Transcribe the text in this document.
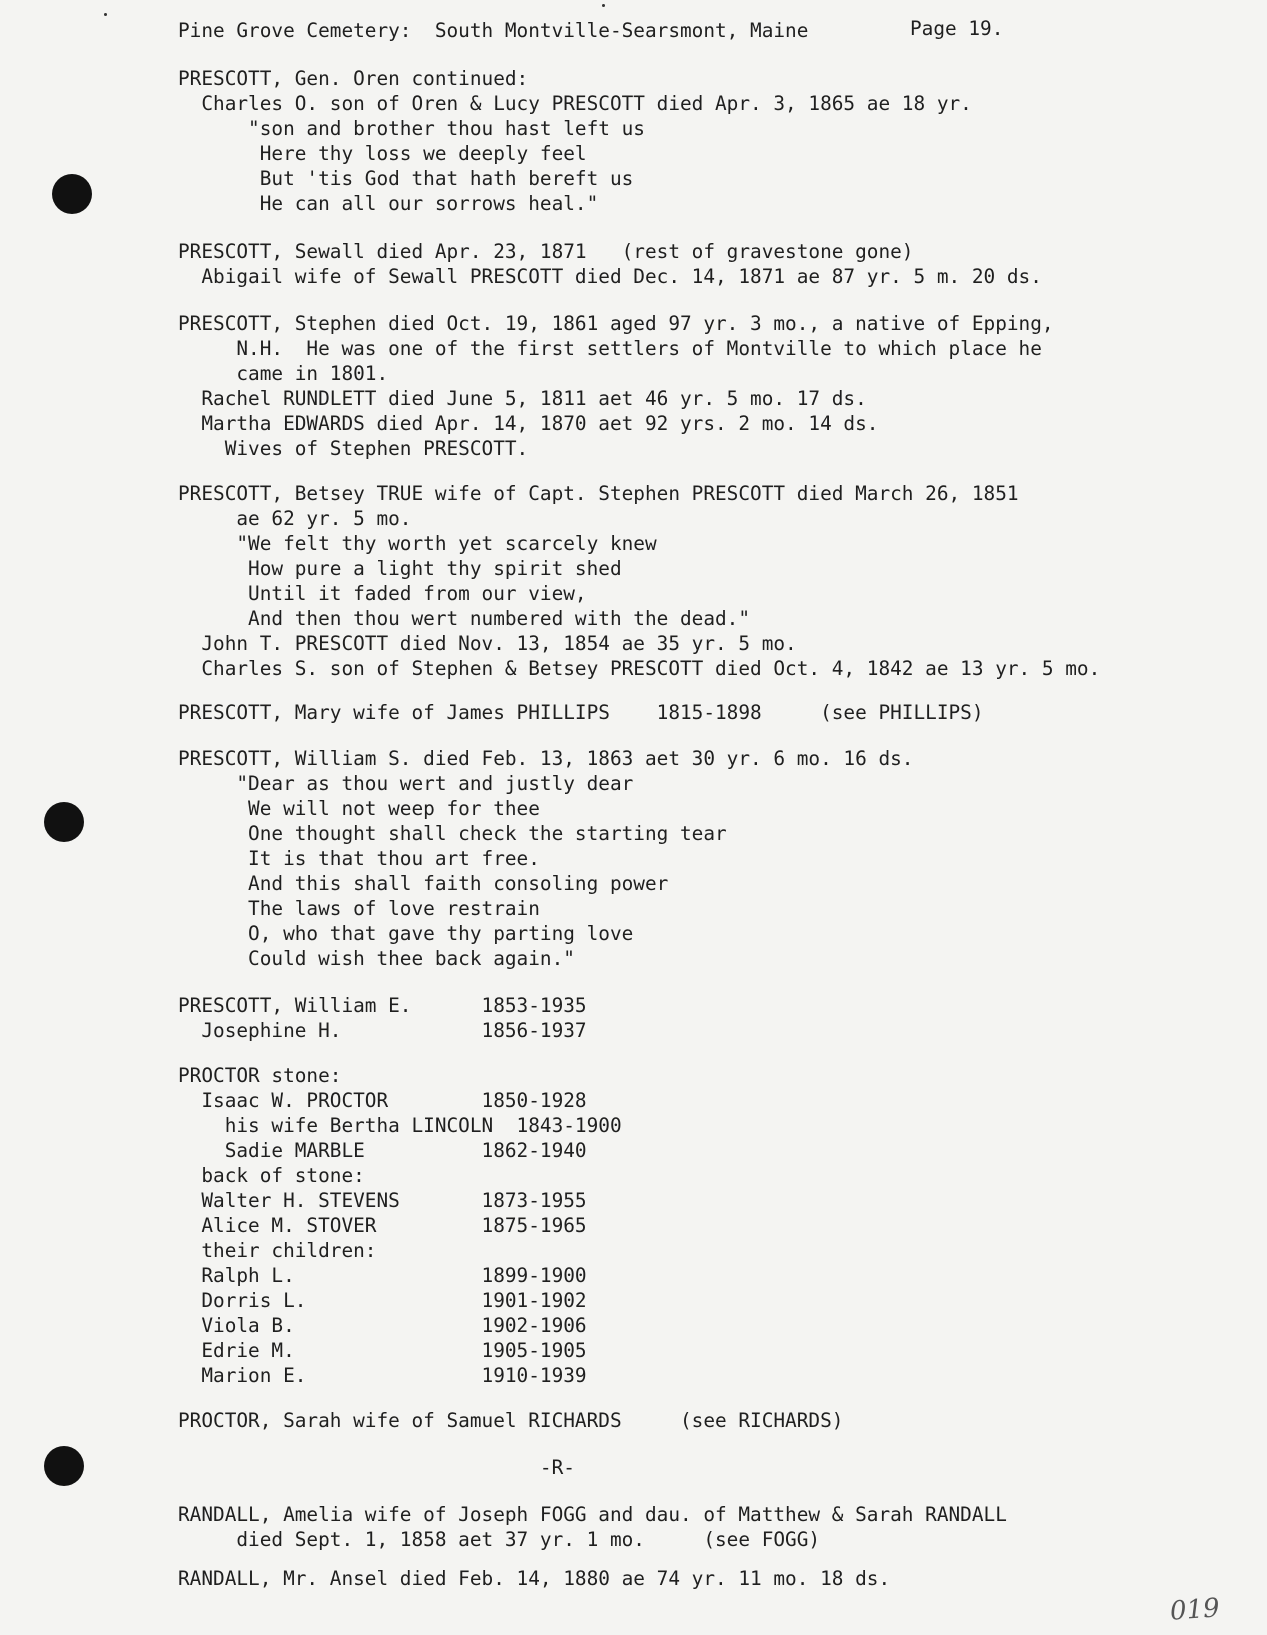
Pine Grove Cemetery:  South Montville-Searsmont, Maine	Page 19.
PRESCOTT, Gen. Oren continued:
Charles O. son of Oren & Lucy PRESCOTT died Apr. 3, 1865 ae 18 yr.
"son and brother thou hast left us
Here thy loss we deeply feel
But 'tis God that hath bereft us
He can all our sorrows heal."
PRESCOTT, Sewall died Apr. 23, 1871   (rest of gravestone gone)
Abigail wife of Sewall PRESCOTT died Dec. 14, 1871 ae 87 yr. 5 m. 20 ds.
PRESCOTT, Stephen died Oct. 19, 1861 aged 97 yr. 3 mo., a native of Epping,
N.H.  He was one of the first settlers of Montville to which place he
came in 1801.
Rachel RUNDLETT died June 5, 1811 aet 46 yr. 5 mo. 17 ds.
Martha EDWARDS died Apr. 14, 1870 aet 92 yrs. 2 mo. 14 ds.
Wives of Stephen PRESCOTT.
PRESCOTT, Betsey TRUE wife of Capt. Stephen PRESCOTT died March 26, 1851
ae 62 yr. 5 mo.
"We felt thy worth yet scarcely knew
How pure a light thy spirit shed
Until it faded from our view,
And then thou wert numbered with the dead."
John T. PRESCOTT died Nov. 13, 1854 ae 35 yr. 5 mo.
Charles S. son of Stephen & Betsey PRESCOTT died Oct. 4, 1842 ae 13 yr. 5 mo.
PRESCOTT, Mary wife of James PHILLIPS    1815-1898     (see PHILLIPS)
PRESCOTT, William S. died Feb. 13, 1863 aet 30 yr. 6 mo. 16 ds.
"Dear as thou wert and justly dear
We will not weep for thee
One thought shall check the starting tear
It is that thou art free.
And this shall faith consoling power
The laws of love restrain
O, who that gave thy parting love
Could wish thee back again."
PRESCOTT, William E.      1853-1935
Josephine H.            1856-1937
PROCTOR stone:
Isaac W. PROCTOR        1850-1928
his wife Bertha LINCOLN  1843-1900
Sadie MARBLE          1862-1940
back of stone:
Walter H. STEVENS       1873-1955
Alice M. STOVER         1875-1965
their children:
Ralph L.                1899-1900
Dorris L.               1901-1902
Viola B.                1902-1906
Edrie M.                1905-1905
Marion E.               1910-1939
PROCTOR, Sarah wife of Samuel RICHARDS     (see RICHARDS)
-R-
RANDALL, Amelia wife of Joseph FOGG and dau. of Matthew & Sarah RANDALL
died Sept. 1, 1858 aet 37 yr. 1 mo.     (see FOGG)
RANDALL, Mr. Ansel died Feb. 14, 1880 ae 74 yr. 11 mo. 18 ds.
019
